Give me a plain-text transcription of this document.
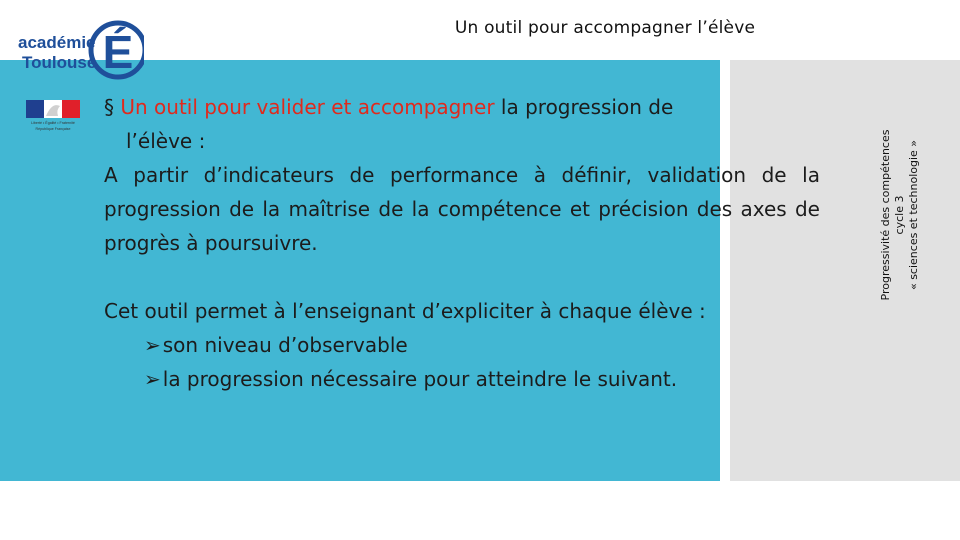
Un outil pour accompagner l’élève
É
académie
Toulouse
Liberté • Égalité • Fraternité
République Française
§ Un outil pour valider et accompagner la progression de
l’élève :
A partir d’indicateurs de performance à définir, validation de la progression de la maîtrise de la compétence et précision des axes de progrès à poursuivre.
Cet outil permet à l’enseignant d’expliciter à chaque élève :
➢ son niveau d’observable
➢ la progression nécessaire pour atteindre le suivant.
Progressivité des compétences cycle 3 « sciences et technologie »
